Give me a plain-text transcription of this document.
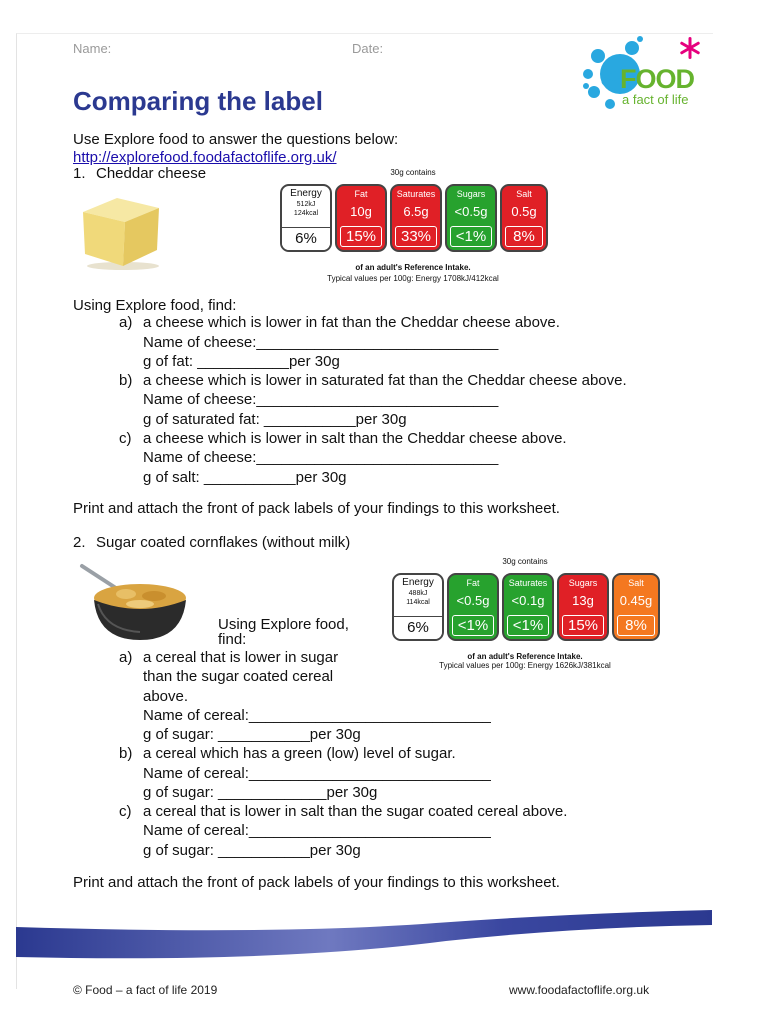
Name:	Date:
FOOD
a fact of life
Comparing the label
Use Explore food to answer the questions below:
http://explorefood.foodafactoflife.org.uk/
1. Cheddar cheese	30g contains
Energy
512kJ
124kcal
6%
Fat
10g
15%
Saturates
6.5g
33%
Sugars
<0.5g
<1%
Salt
0.5g
8%
of an adult's Reference Intake.
Typical values per 100g: Energy 1708kJ/412kcal
Using Explore food, find:
a) a cheese which is lower in fat than the Cheddar cheese above.
Name of cheese:_____________________________
g of fat: ___________per 30g
b) a cheese which is lower in saturated fat than the Cheddar cheese above.
Name of cheese:_____________________________
g of saturated fat: ___________per 30g
c) a cheese which is lower in salt than the Cheddar cheese above.
Name of cheese:_____________________________
g of salt: ___________per 30g
Print and attach the front of pack labels of your findings to this worksheet.
2. Sugar coated cornflakes (without milk)
30g contains
Energy
488kJ
114kcal
6%
Fat
<0.5g
<1%
Saturates
<0.1g
<1%
Sugars
13g
15%
Salt
0.45g
8%
of an adult's Reference Intake.
Typical values per 100g: Energy 1626kJ/381kcal
Using Explore food,
find:
a) a cereal that is lower in sugar
than the sugar coated cereal
above.
Name of cereal:_____________________________
g of sugar: ___________per 30g
b) a cereal which has a green (low) level of sugar.
Name of cereal:_____________________________
g of sugar: _____________per 30g
c) a cereal that is lower in salt than the sugar coated cereal above.
Name of cereal:_____________________________
g of sugar: ___________per 30g
Print and attach the front of pack labels of your findings to this worksheet.
© Food – a fact of life 2019	www.foodafactoflife.org.uk
